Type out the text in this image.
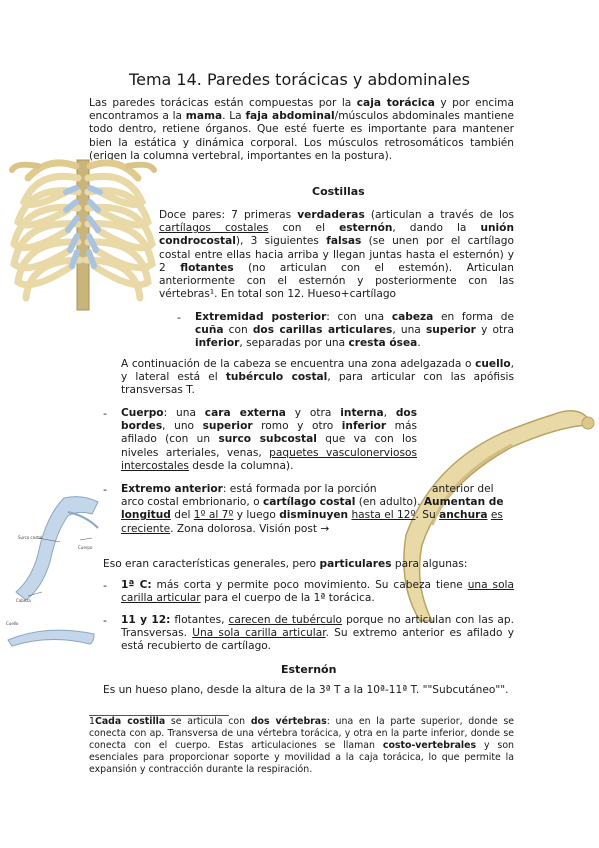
Tema 14. Paredes torácicas y abdominales
Las paredes torácicas están compuestas por la caja torácica y por encima encontramos a la mama. La faja abdominal/músculos abdominales mantiene todo dentro, retiene órganos. Que esté fuerte es importante para mantener bien la estática y dinámica corporal. Los músculos retrosomáticos también (erigen la columna vertebral, importantes en la postura).
Costillas
Doce pares: 7 primeras verdaderas (articulan a través de los cartílagos costales con el esternón, dando la unión condrocostal), 3 siguientes falsas (se unen por el cartílago costal entre ellas hacia arriba y llegan juntas hasta el esternón) y 2 flotantes (no articulan con el estemón). Articulan anteriormente con el esternón y posteriormente con las vértebras¹. En total son 12. Hueso+cartílago
- Extremidad posterior: con una cabeza en forma de cuña con dos carillas articulares, una superior y otra inferior, separadas por una cresta ósea.
A continuación de la cabeza se encuentra una zona adelgazada o cuello, y lateral está el tubérculo costal, para articular con las apófisis transversas T.
- Cuerpo: una cara externa y otra interna, dos bordes, uno superior romo y otro inferior más afilado (con un surco subcostal que va con los niveles arteriales, venas, paquetes vasculonerviosos intercostales desde la columna).
Surco costal
Cuerpo
Cabeza
Cuello
- Extremo anterior: está formada por la porción	anterior del arco costal embrionario, o cartílago costal (en adulto). Aumentan de longitud del 1º al 7º y luego disminuyen hasta el 12º. Su anchura es creciente. Zona dolorosa. Visión post →
Eso eran características generales, pero particulares para algunas:
- 1ª C: más corta y permite poco movimiento. Su cabeza tiene una sola carilla articular para el cuerpo de la 1ª torácica.
- 11 y 12: flotantes, carecen de tubérculo porque no articulan con las ap. Transversas. Una sola carilla articular. Su extremo anterior es afilado y está recubierto de cartílago.
Esternón
Es un hueso plano, desde la altura de la 3ª T a la 10ª-11ª T. ""Subcutáneo"".
1Cada costilla se articula con dos vértebras: una en la parte superior, donde se conecta con ap. Transversa de una vértebra torácica, y otra en la parte inferior, donde se conecta con el cuerpo. Estas articulaciones se llaman costo-vertebrales y son esenciales para proporcionar soporte y movilidad a la caja torácica, lo que permite la expansión y contracción durante la respiración.
